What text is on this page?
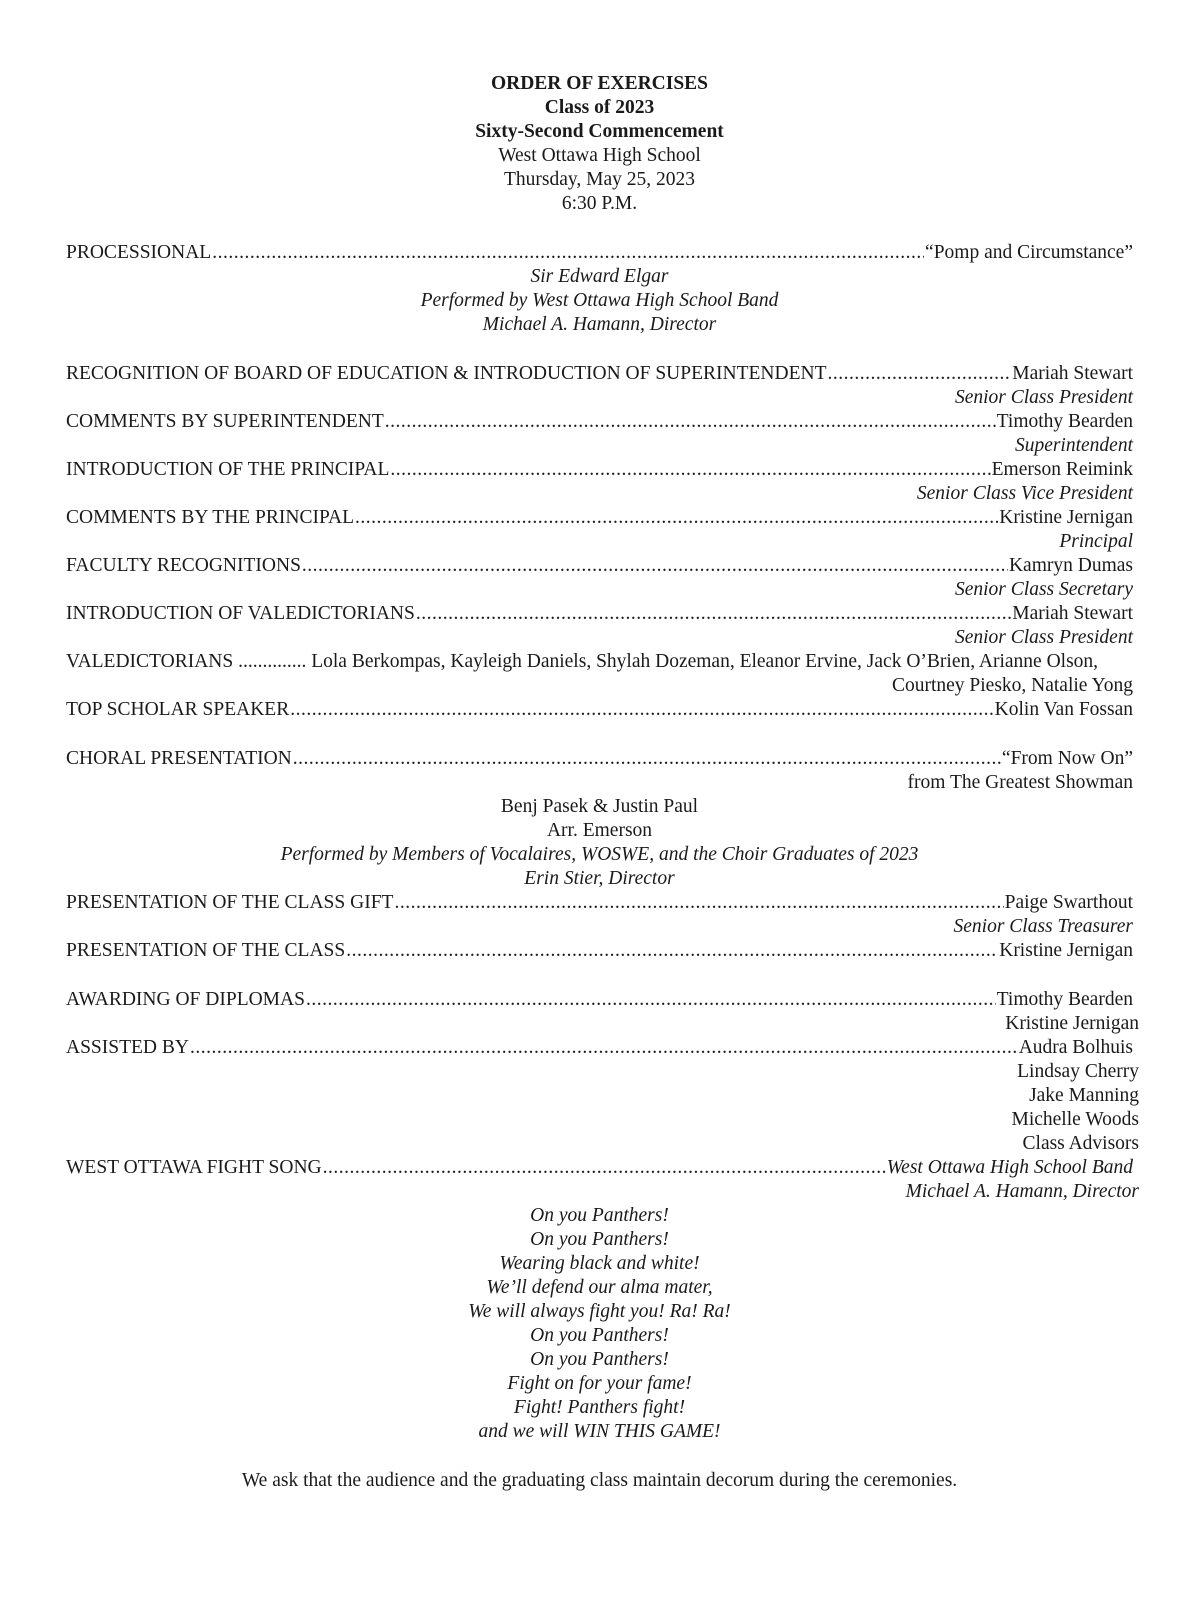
ORDER OF EXERCISES
Class of 2023
Sixty-Second Commencement
West Ottawa High School
Thursday, May 25, 2023
6:30 P.M.
PROCESSIONAL .....	“Pomp and Circumstance”
Sir Edward Elgar
Performed by West Ottawa High School Band
Michael A. Hamann, Director
RECOGNITION OF BOARD OF EDUCATION & INTRODUCTION OF SUPERINTENDENT .....	Mariah Stewart
Senior Class President
COMMENTS BY SUPERINTENDENT .....	Timothy Bearden
Superintendent
INTRODUCTION OF THE PRINCIPAL .....	Emerson Reimink
Senior Class Vice President
COMMENTS BY THE PRINCIPAL .....	Kristine Jernigan
Principal
FACULTY RECOGNITIONS .....	Kamryn Dumas
Senior Class Secretary
INTRODUCTION OF VALEDICTORIANS .....	Mariah Stewart
Senior Class President
VALEDICTORIANS .............. Lola Berkompas, Kayleigh Daniels, Shylah Dozeman, Eleanor Ervine, Jack O’Brien, Arianne Olson,
Courtney Piesko, Natalie Yong
TOP SCHOLAR SPEAKER .....	Kolin Van Fossan
CHORAL PRESENTATION .....	“From Now On”
from The Greatest Showman
Benj Pasek & Justin Paul
Arr. Emerson
Performed by Members of Vocalaires, WOSWE, and the Choir Graduates of 2023
Erin Stier, Director
PRESENTATION OF THE CLASS GIFT .....	Paige Swarthout
Senior Class Treasurer
PRESENTATION OF THE CLASS .....	Kristine Jernigan
AWARDING OF DIPLOMAS .....	Timothy Bearden
Kristine Jernigan
ASSISTED BY .....	Audra Bolhuis
Lindsay Cherry
Jake Manning
Michelle Woods
Class Advisors
WEST OTTAWA FIGHT SONG .....	West Ottawa High School Band
Michael A. Hamann, Director
On you Panthers!
On you Panthers!
Wearing black and white!
We’ll defend our alma mater,
We will always fight you! Ra! Ra!
On you Panthers!
On you Panthers!
Fight on for your fame!
Fight! Panthers fight!
and we will WIN THIS GAME!
We ask that the audience and the graduating class maintain decorum during the ceremonies.
